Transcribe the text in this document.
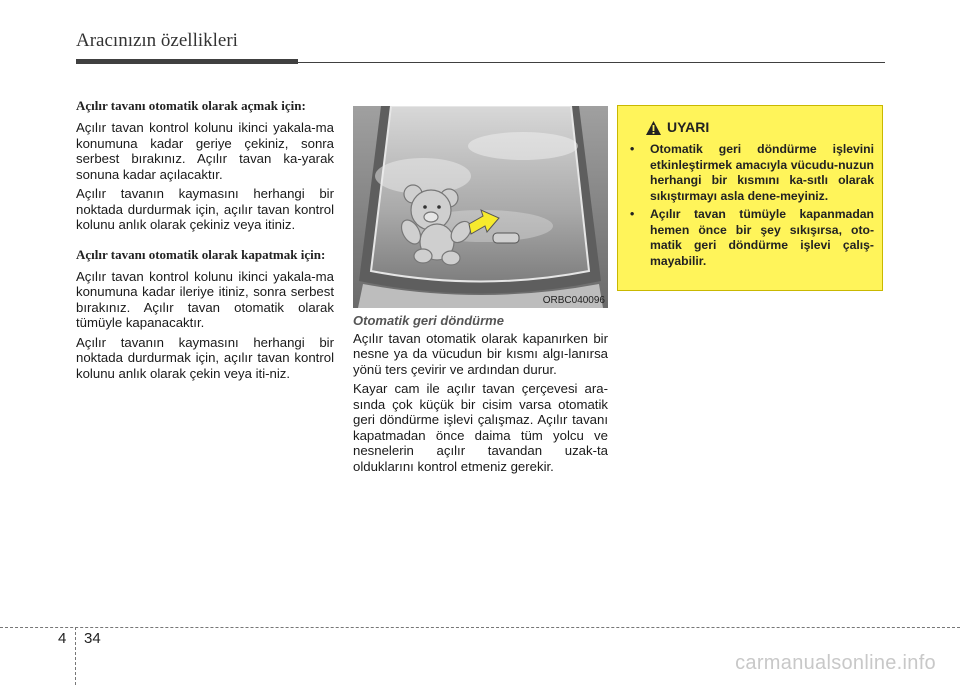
Aracınızın özellikleri

Açılır tavanı otomatik olarak açmak için:

Açılır tavan kontrol kolunu ikinci yakala-ma konumuna kadar geriye çekiniz, sonra serbest bırakınız. Açılır tavan ka-yarak sonuna kadar açılacaktır.

Açılır tavanın kaymasını herhangi bir noktada durdurmak için, açılır tavan kontrol kolunu anlık olarak çekiniz veya itiniz.

Açılır tavanı otomatik olarak kapatmak için:

Açılır tavan kontrol kolunu ikinci yakala-ma konumuna kadar ileriye itiniz, sonra serbest bırakınız. Açılır tavan otomatik olarak tümüyle kapanacaktır.

Açılır tavanın kaymasını herhangi bir noktada durdurmak için, açılır tavan kontrol kolunu anlık olarak çekin veya iti-niz.

ORBC040096

Otomatik geri döndürme

Açılır tavan otomatik olarak kapanırken bir nesne ya da vücudun bir kısmı algı-lanırsa yönü ters çevirir ve ardından durur.

Kayar cam ile açılır tavan çerçevesi ara-sında çok küçük bir cisim varsa otomatik geri döndürme işlevi çalışmaz. Açılır tavanı kapatmadan önce daima tüm yolcu ve nesnelerin açılır tavandan uzak-ta olduklarını kontrol etmeniz gerekir.

UYARI
• Otomatik geri döndürme işlevini etkinleştirmek amacıyla vücudu-nuzun herhangi bir kısmını ka-sıtlı olarak sıkıştırmayı asla dene-meyiniz.
• Açılır tavan tümüyle kapanmadan hemen önce bir şey sıkışırsa, oto-matik geri döndürme işlevi çalış-mayabilir.
4 34
carmanualsonline.info
